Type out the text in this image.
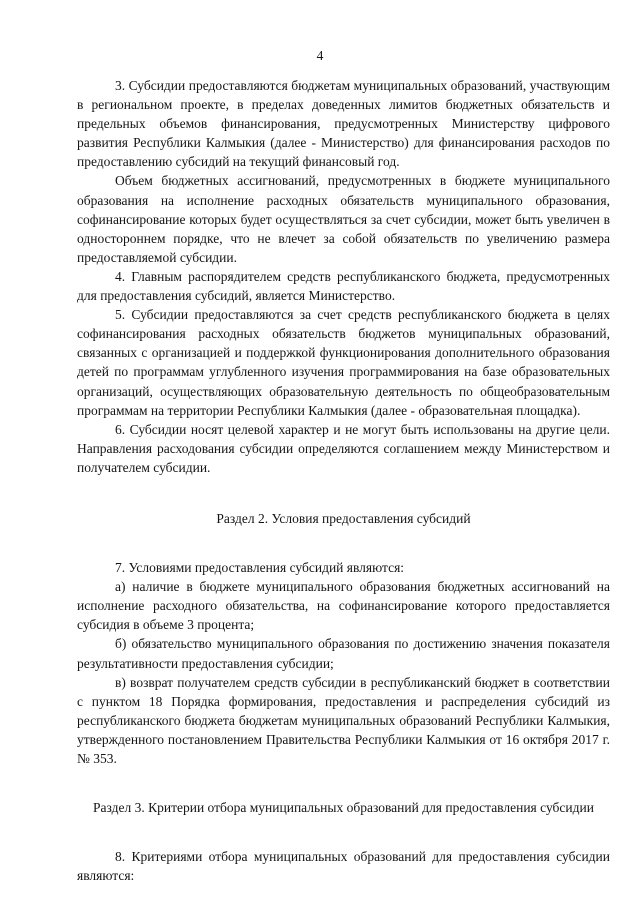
4

3. Субсидии предоставляются бюджетам муниципальных образований, участвующим в региональном проекте, в пределах доведенных лимитов бюджетных обязательств и предельных объемов финансирования, предусмотренных Министерству цифрового развития Республики Калмыкия (далее - Министерство) для финансирования расходов по предоставлению субсидий на текущий финансовый год.

Объем бюджетных ассигнований, предусмотренных в бюджете муниципального образования на исполнение расходных обязательств муниципального образования, софинансирование которых будет осуществляться за счет субсидии, может быть увеличен в одностороннем порядке, что не влечет за собой обязательств по увеличению размера предоставляемой субсидии.

4. Главным распорядителем средств республиканского бюджета, предусмотренных для предоставления субсидий, является Министерство.

5. Субсидии предоставляются за счет средств республиканского бюджета в целях софинансирования расходных обязательств бюджетов муниципальных образований, связанных с организацией и поддержкой функционирования дополнительного образования детей по программам углубленного изучения программирования на базе образовательных организаций, осуществляющих образовательную деятельность по общеобразовательным программам на территории Республики Калмыкия (далее - образовательная площадка).

6. Субсидии носят целевой характер и не могут быть использованы на другие цели. Направления расходования субсидии определяются соглашением между Министерством и получателем субсидии.

Раздел 2. Условия предоставления субсидий

7. Условиями предоставления субсидий являются:

а) наличие в бюджете муниципального образования бюджетных ассигнований на исполнение расходного обязательства, на софинансирование которого предоставляется субсидия в объеме 3 процента;

б) обязательство муниципального образования по достижению значения показателя результативности предоставления субсидии;

в) возврат получателем средств субсидии в республиканский бюджет в соответствии с пунктом 18 Порядка формирования, предоставления и распределения субсидий из республиканского бюджета бюджетам муниципальных образований Республики Калмыкия, утвержденного постановлением Правительства Республики Калмыкия от 16 октября 2017 г. № 353.

Раздел 3. Критерии отбора муниципальных образований для предоставления субсидии

8. Критериями отбора муниципальных образований для предоставления субсидии являются:
